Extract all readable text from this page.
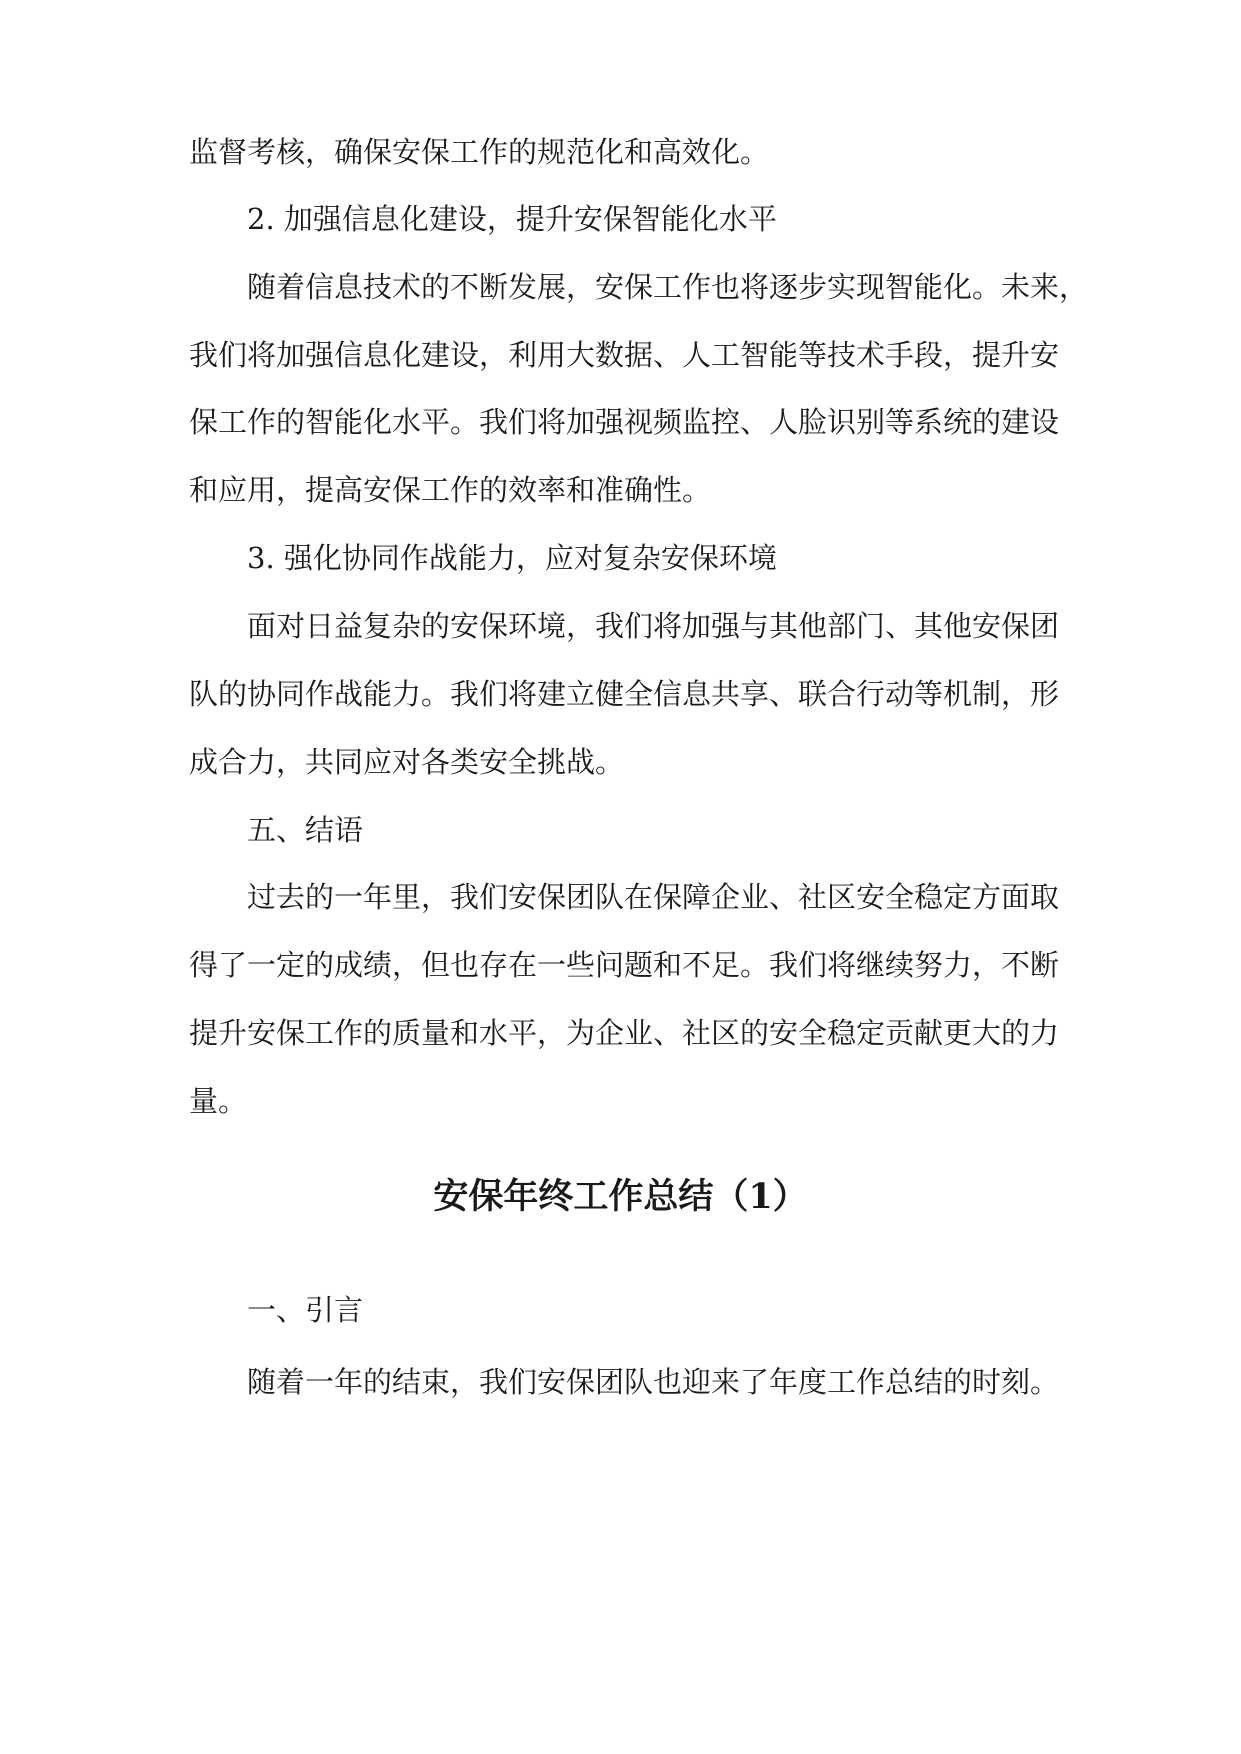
监督考核，确保安保工作的规范化和高效化。

2. 加强信息化建设，提升安保智能化水平

随着信息技术的不断发展，安保工作也将逐步实现智能化。未来，

我们将加强信息化建设，利用大数据、人工智能等技术手段，提升安

保工作的智能化水平。我们将加强视频监控、人脸识别等系统的建设

和应用，提高安保工作的效率和准确性。

3. 强化协同作战能力，应对复杂安保环境

面对日益复杂的安保环境，我们将加强与其他部门、其他安保团

队的协同作战能力。我们将建立健全信息共享、联合行动等机制，形

成合力，共同应对各类安全挑战。

五、结语

过去的一年里，我们安保团队在保障企业、社区安全稳定方面取

得了一定的成绩，但也存在一些问题和不足。我们将继续努力，不断

提升安保工作的质量和水平，为企业、社区的安全稳定贡献更大的力

量。

安保年终工作总结（1）

一、引言

随着一年的结束，我们安保团队也迎来了年度工作总结的时刻。
